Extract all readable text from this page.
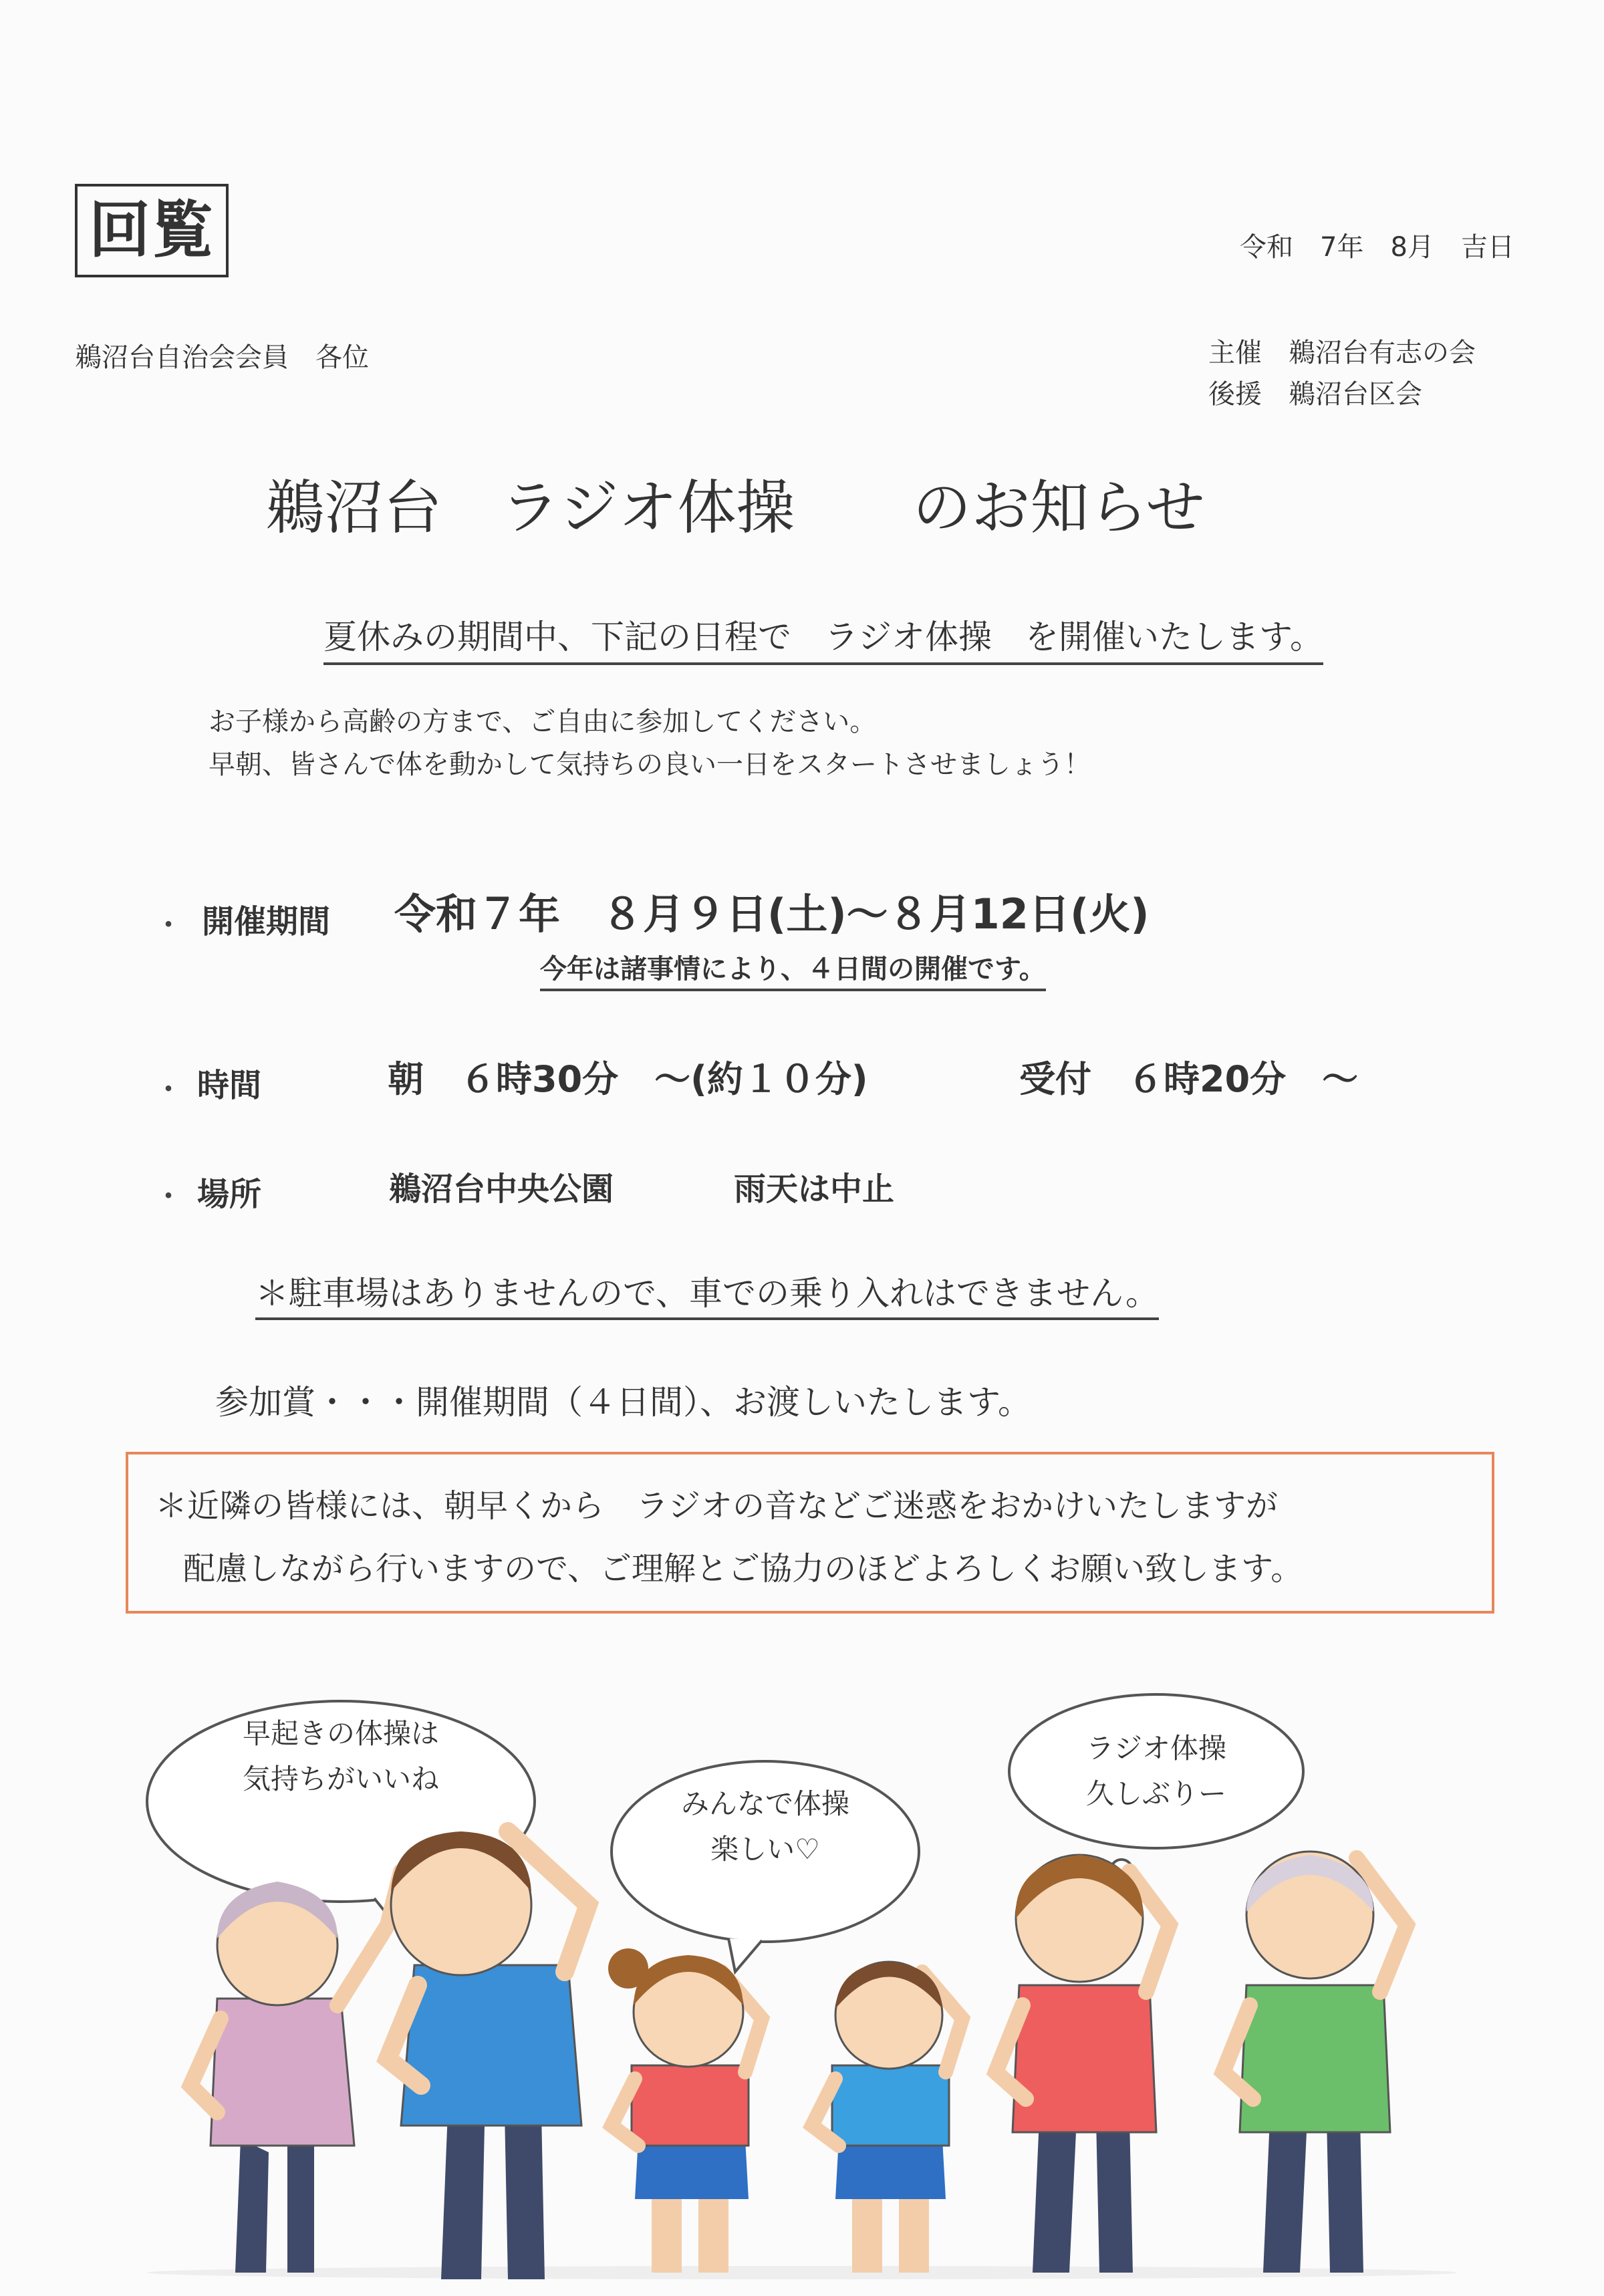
回覧	令和　7年　8月　吉日
鵜沼台自治会会員　各位	主催　鵜沼台有志の会
後援　鵜沼台区会
鵜沼台　ラジオ体操　　のお知らせ
夏休みの期間中、下記の日程で　ラジオ体操　を開催いたします。
お子様から高齢の方まで、ご自由に参加してください。
早朝、皆さんで体を動かして気持ちの良い一日をスタートさせましょう！
・ 開催期間 令和７年　８月９日(土)～８月12日(火)
今年は諸事情により、４日間の開催です。
・ 時間	朝　６時30分　～(約１０分)	受付　６時20分　～
・ 場所	鵜沼台中央公園	雨天は中止
＊駐車場はありませんので、車での乗り入れはできません。
参加賞・・・開催期間（４日間）、お渡しいたします。
＊近隣の皆様には、朝早くから　ラジオの音などご迷惑をおかけいたしますが
配慮しながら行いますので、ご理解とご協力のほどよろしくお願い致します。
早起きの体操は
気持ちがいいね
みんなで体操
楽しい♡
ラジオ体操
久しぶりー
